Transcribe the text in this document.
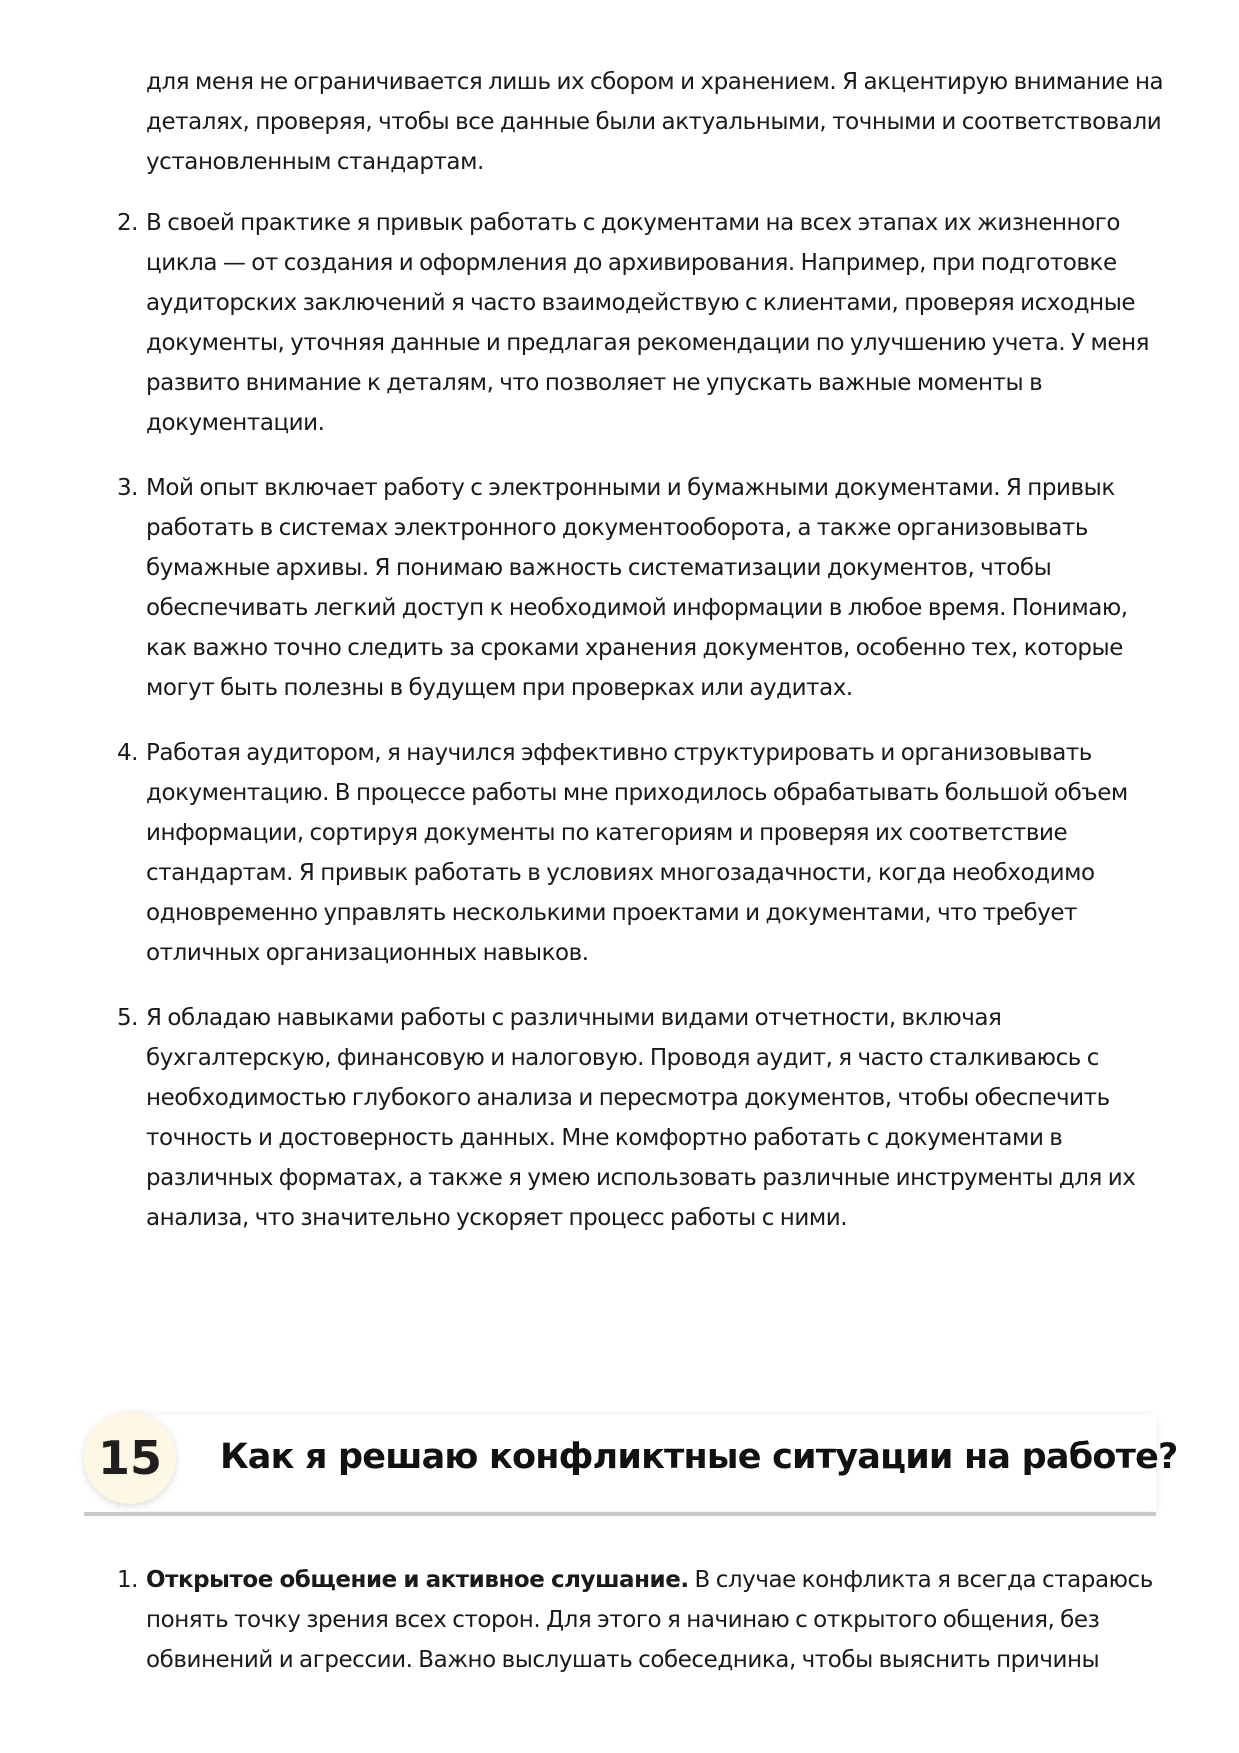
для меня не ограничивается лишь их сбором и хранением. Я акцентирую внимание на
деталях, проверяя, чтобы все данные были актуальными, точными и соответствовали
установленным стандартам.

2. В своей практике я привык работать с документами на всех этапах их жизненного
цикла — от создания и оформления до архивирования. Например, при подготовке
аудиторских заключений я часто взаимодействую с клиентами, проверяя исходные
документы, уточняя данные и предлагая рекомендации по улучшению учета. У меня
развито внимание к деталям, что позволяет не упускать важные моменты в
документации.
3. Мой опыт включает работу с электронными и бумажными документами. Я привык
работать в системах электронного документооборота, а также организовывать
бумажные архивы. Я понимаю важность систематизации документов, чтобы
обеспечивать легкий доступ к необходимой информации в любое время. Понимаю,
как важно точно следить за сроками хранения документов, особенно тех, которые
могут быть полезны в будущем при проверках или аудитах.
4. Работая аудитором, я научился эффективно структурировать и организовывать
документацию. В процессе работы мне приходилось обрабатывать большой объем
информации, сортируя документы по категориям и проверяя их соответствие
стандартам. Я привык работать в условиях многозадачности, когда необходимо
одновременно управлять несколькими проектами и документами, что требует
отличных организационных навыков.
5. Я обладаю навыками работы с различными видами отчетности, включая
бухгалтерскую, финансовую и налоговую. Проводя аудит, я часто сталкиваюсь с
необходимостью глубокого анализа и пересмотра документов, чтобы обеспечить
точность и достоверность данных. Мне комфортно работать с документами в
различных форматах, а также я умею использовать различные инструменты для их
анализа, что значительно ускоряет процесс работы с ними.
15	Как я решаю конфликтные ситуации на работе?
1. Открытое общение и активное слушание. В случае конфликта я всегда стараюсь
понять точку зрения всех сторон. Для этого я начинаю с открытого общения, без
обвинений и агрессии. Важно выслушать собеседника, чтобы выяснить причины
